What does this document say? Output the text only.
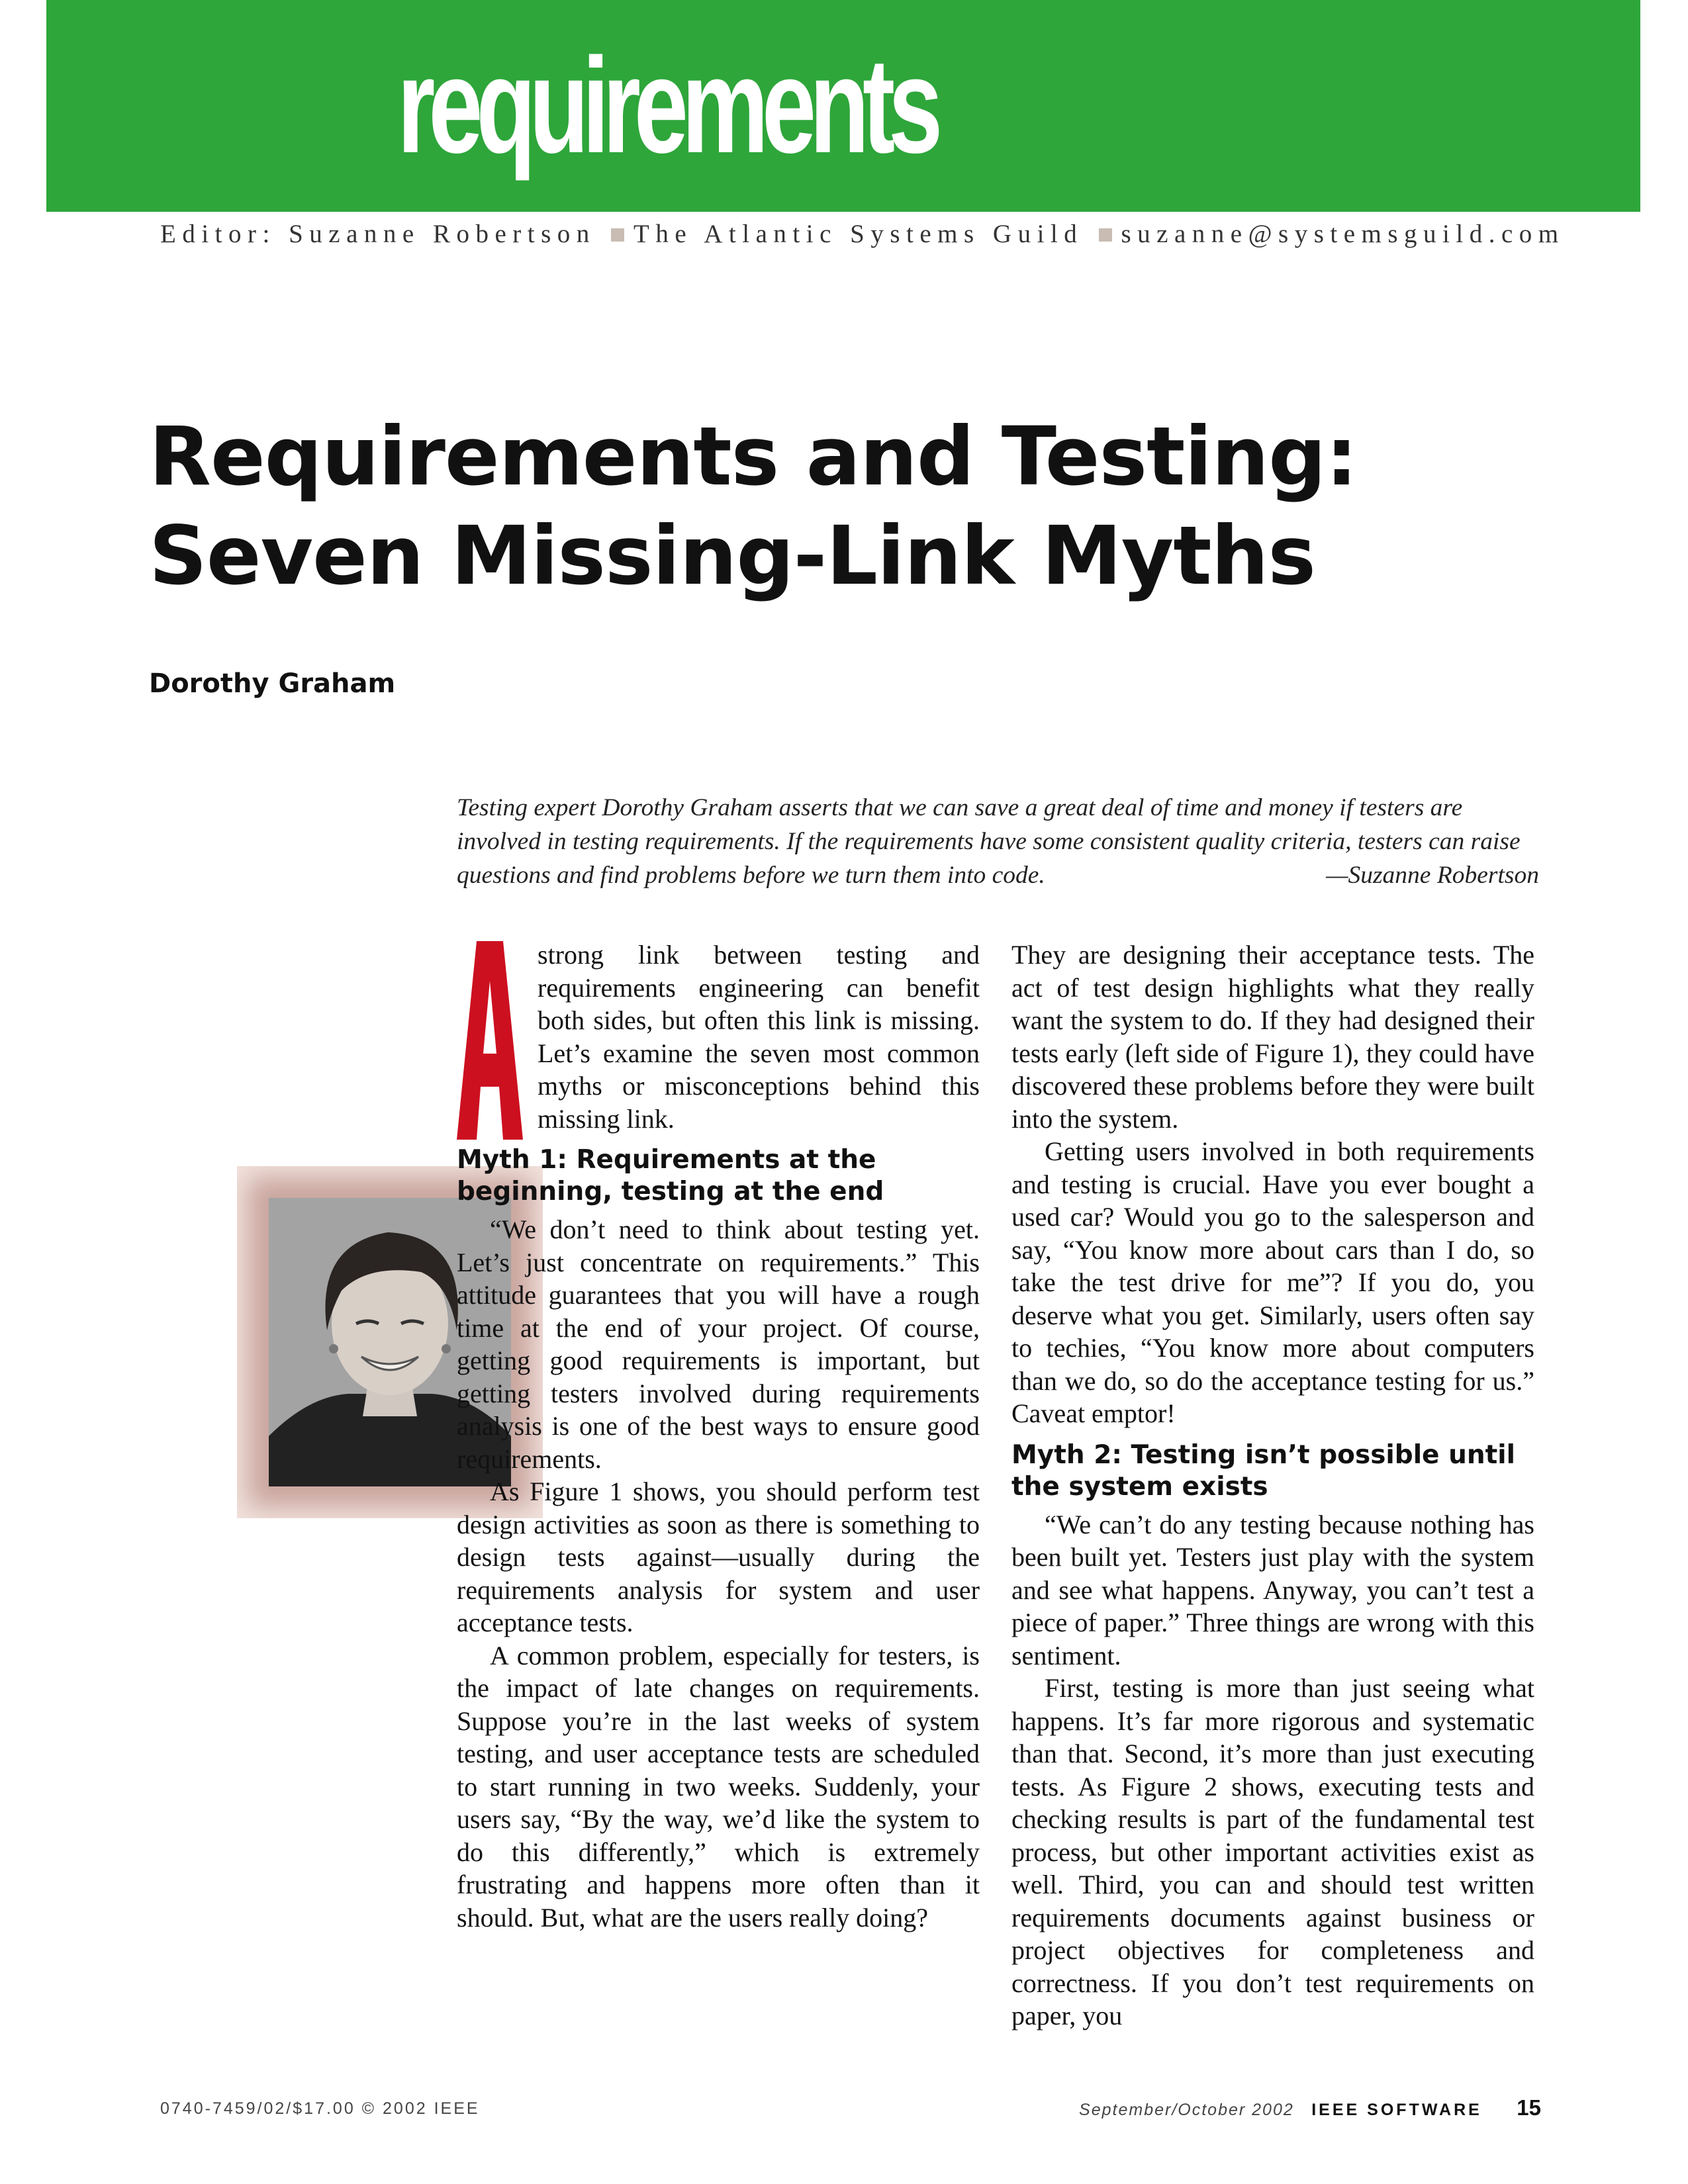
requirements
Editor: Suzanne Robertson The Atlantic Systems Guild suzanne@systemsguild.com
Requirements and Testing:
Seven Missing-Link Myths
Dorothy Graham
Testing expert Dorothy Graham asserts that we can save a great deal of time and money if testers are involved in testing requirements. If the requirements have some consistent quality criteria, testers can raise questions and find problems before we turn them into code.	—Suzanne Robertson

strong link between testing and requirements engineering can benefit both sides, but often this link is missing. Let’s examine the seven most common myths or misconceptions behind this missing link.

Myth 1: Requirements at the beginning, testing at the end

“We don’t need to think about testing yet. Let’s just concentrate on requirements.” This attitude guarantees that you will have a rough time at the end of your project. Of course, getting good requirements is important, but getting testers involved during requirements analysis is one of the best ways to ensure good requirements.

As Figure 1 shows, you should perform test design activities as soon as there is something to design tests against—usually during the requirements analysis for system and user acceptance tests.

A common problem, especially for testers, is the impact of late changes on requirements. Suppose you’re in the last weeks of system testing, and user acceptance tests are scheduled to start running in two weeks. Suddenly, your users say, “By the way, we’d like the system to do this differently,” which is extremely frustrating and happens more often than it should. But, what are the users really doing?

They are designing their acceptance tests. The act of test design highlights what they really want the system to do. If they had designed their tests early (left side of Figure 1), they could have discovered these problems before they were built into the system.

Getting users involved in both requirements and testing is crucial. Have you ever bought a used car? Would you go to the salesperson and say, “You know more about cars than I do, so take the test drive for me”? If you do, you deserve what you get. Similarly, users often say to techies, “You know more about computers than we do, so do the acceptance testing for us.” Caveat emptor!

Myth 2: Testing isn’t possible until the system exists

“We can’t do any testing because nothing has been built yet. Testers just play with the system and see what happens. Anyway, you can’t test a piece of paper.” Three things are wrong with this sentiment.

First, testing is more than just seeing what happens. It’s far more rigorous and systematic than that. Second, it’s more than just executing tests. As Figure 2 shows, executing tests and checking results is part of the fundamental test process, but other important activities exist as well. Third, you can and should test written requirements documents against business or project objectives for completeness and correctness. If you don’t test requirements on paper, you

0740-7459/02/$17.00 © 2002 IEEE	September/October 2002 IEEE SOFTWARE 15
